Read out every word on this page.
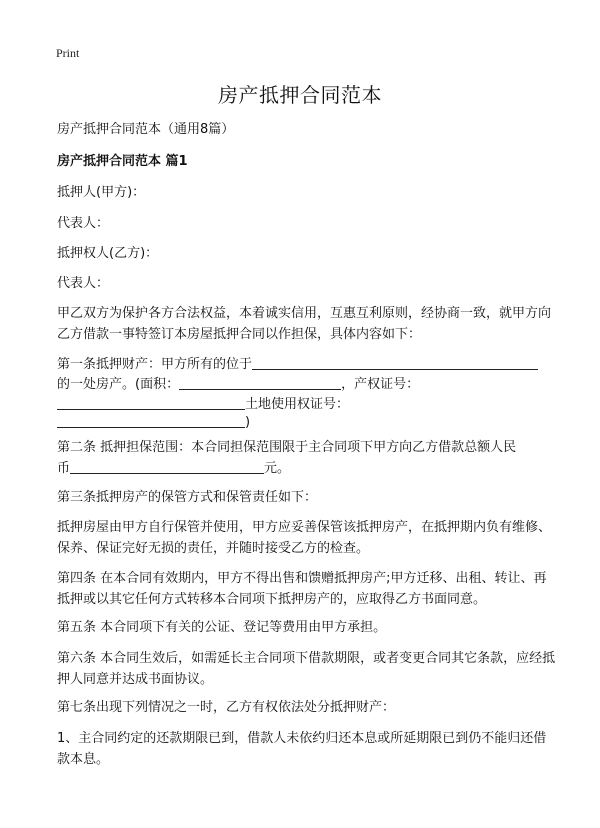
Print
房产抵押合同范本

房产抵押合同范本（通用8篇）

房产抵押合同范本 篇1

抵押人(甲方)：

代表人：

抵押权人(乙方)：

代表人：

甲乙双方为保护各方合法权益，本着诚实信用，互惠互利原则，经协商一致，就甲方向乙方借款一事特签订本房屋抵押合同以作担保，具体内容如下：

第一条抵押财产：甲方所有的位于

的一处房产。(面积：	，产权证号：

土地使用权证号：

)

第二条 抵押担保范围：本合同担保范围限于主合同项下甲方向乙方借款总额人民

币	元。

第三条抵押房产的保管方式和保管责任如下：

抵押房屋由甲方自行保管并使用，甲方应妥善保管该抵押房产，在抵押期内负有维修、保养、保证完好无损的责任，并随时接受乙方的检查。

第四条 在本合同有效期内，甲方不得出售和馈赠抵押房产;甲方迁移、出租、转让、再抵押或以其它任何方式转移本合同项下抵押房产的，应取得乙方书面同意。

第五条 本合同项下有关的公证、登记等费用由甲方承担。

第六条 本合同生效后，如需延长主合同项下借款期限，或者变更合同其它条款，应经抵押人同意并达成书面协议。

第七条出现下列情况之一时，乙方有权依法处分抵押财产：

1、主合同约定的还款期限已到，借款人未依约归还本息或所延期限已到仍不能归还借款本息。
